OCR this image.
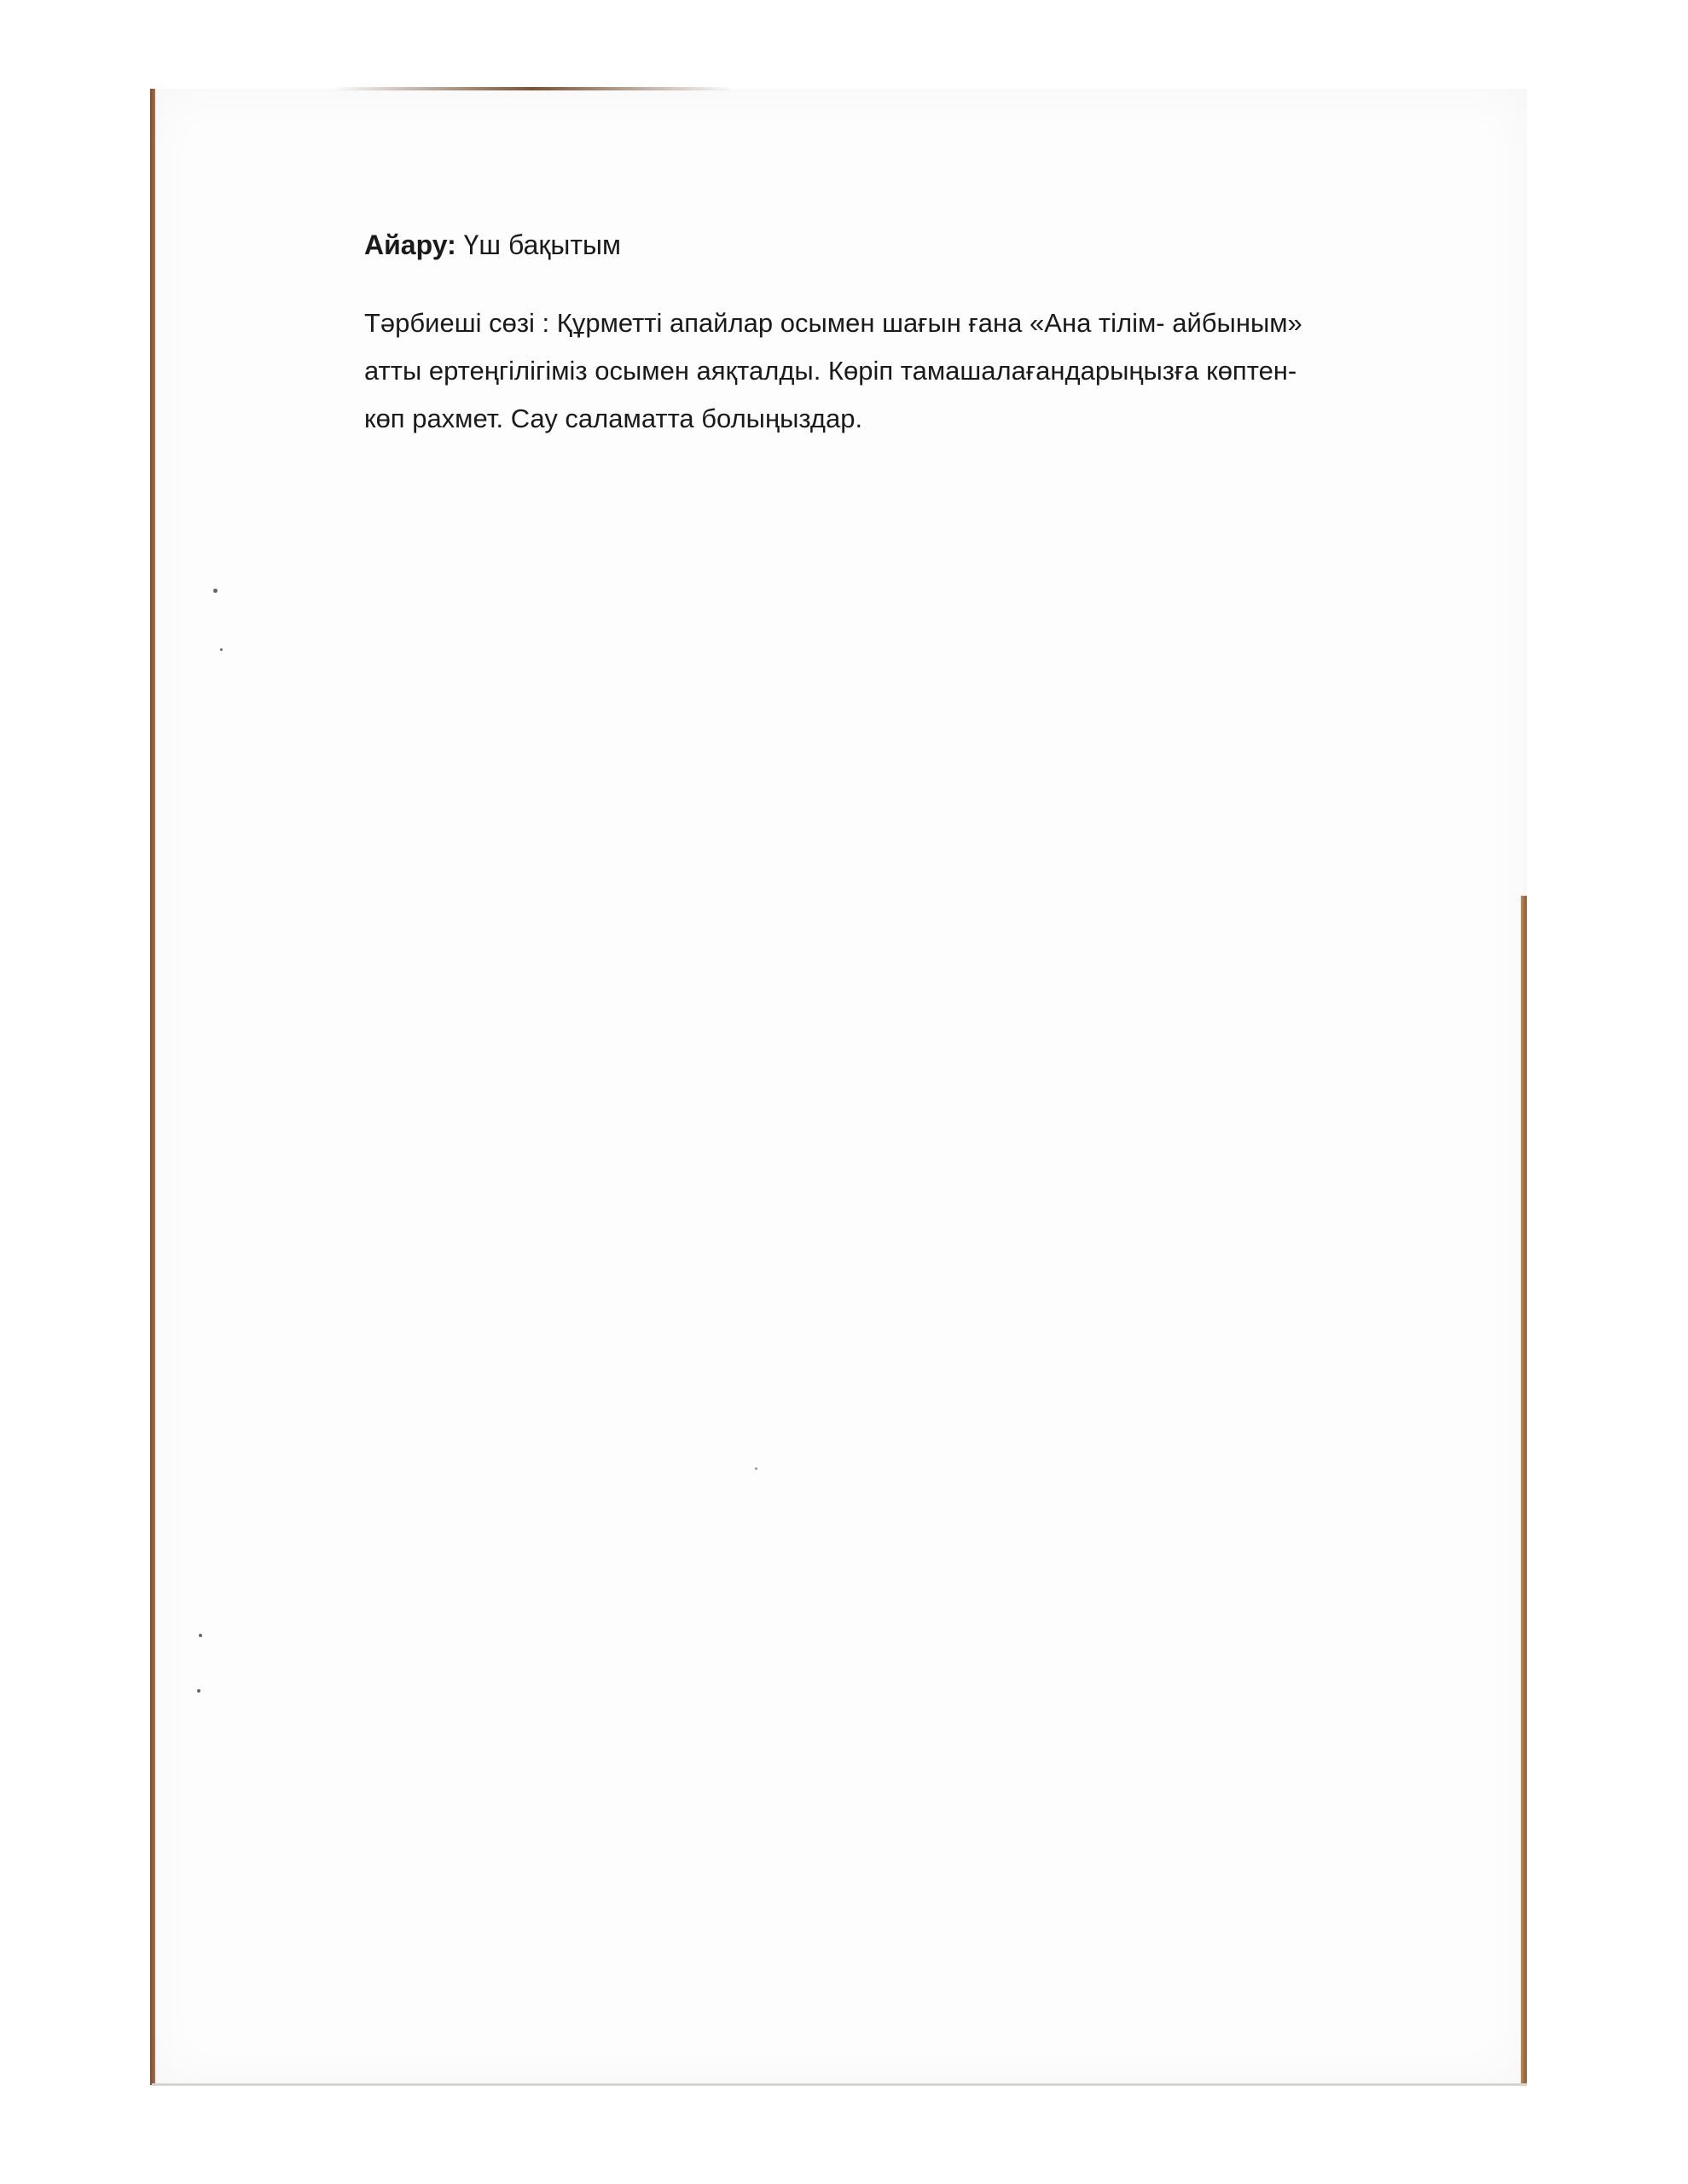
Айару: Үш бақытым

Тәрбиеші сөзі : Құрметті апайлар осымен шағын ғана «Ана тілім- айбыным»
атты ертеңгілігіміз осымен аяқталды. Көріп тамашалағандарыңызға көптен-
көп рахмет. Сау саламатта болыңыздар.
